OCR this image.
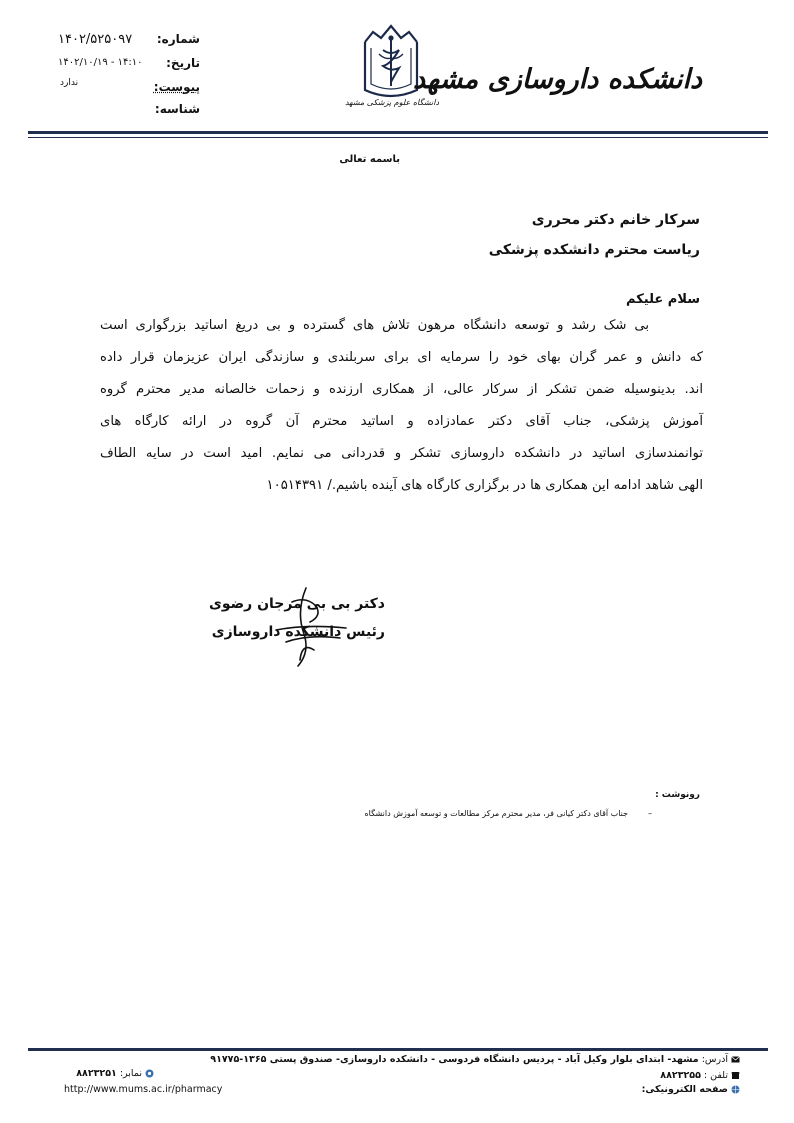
شماره:
۱۴۰۲/۵۲۵۰۹۷
تاریخ:
۱۴۰۲/۱۰/۱۹ - ۱۴:۱۰
پیوست:
ندارد
شناسه:	دانشگاه علوم پزشکی مشهد
دانشکده داروسازی مشهد
باسمه تعالی
سرکار خانم دکتر محرری
ریاست محترم دانشکده پزشکی
سلام علیکم
بی شک رشد و توسعه دانشگاه مرهون تلاش های گسترده و بی دریغ اساتید بزرگواری است
که دانش و عمر گران بهای خود را سرمایه ای برای سربلندی و سازندگی ایران عزیزمان قرار داده
اند. بدینوسیله ضمن تشکر از سرکار عالی، از همکاری ارزنده و زحمات خالصانه مدیر محترم گروه
آموزش پزشکی، جناب آقای دکتر عمادزاده و اساتید محترم آن گروه در ارائه کارگاه های
توانمندسازی اساتید در دانشکده داروسازی تشکر و قدردانی می نمایم. امید است در سایه الطاف
الهی شاهد ادامه این همکاری ها در برگزاری کارگاه های آینده باشیم./ ۱۰۵۱۴۳۹۱
دکتر بی بی مرجان رضوی
رئیس دانشکده داروسازی
رونوشت :
جناب آقای دکتر کیانی فر، مدیر محترم مرکز مطالعات و توسعه آموزش دانشگاه	–
آدرس: مشهد- ابتدای بلوار وکیل آباد - پردیس دانشگاه فردوسی - دانشکده داروسازی- صندوق پستی ۱۳۶۵-۹۱۷۷۵
تلفن : ۸۸۲۳۲۵۵
صفحه الکترونیکی:
نمابر: ۸۸۲۳۲۵۱
http://www.mums.ac.ir/pharmacy
